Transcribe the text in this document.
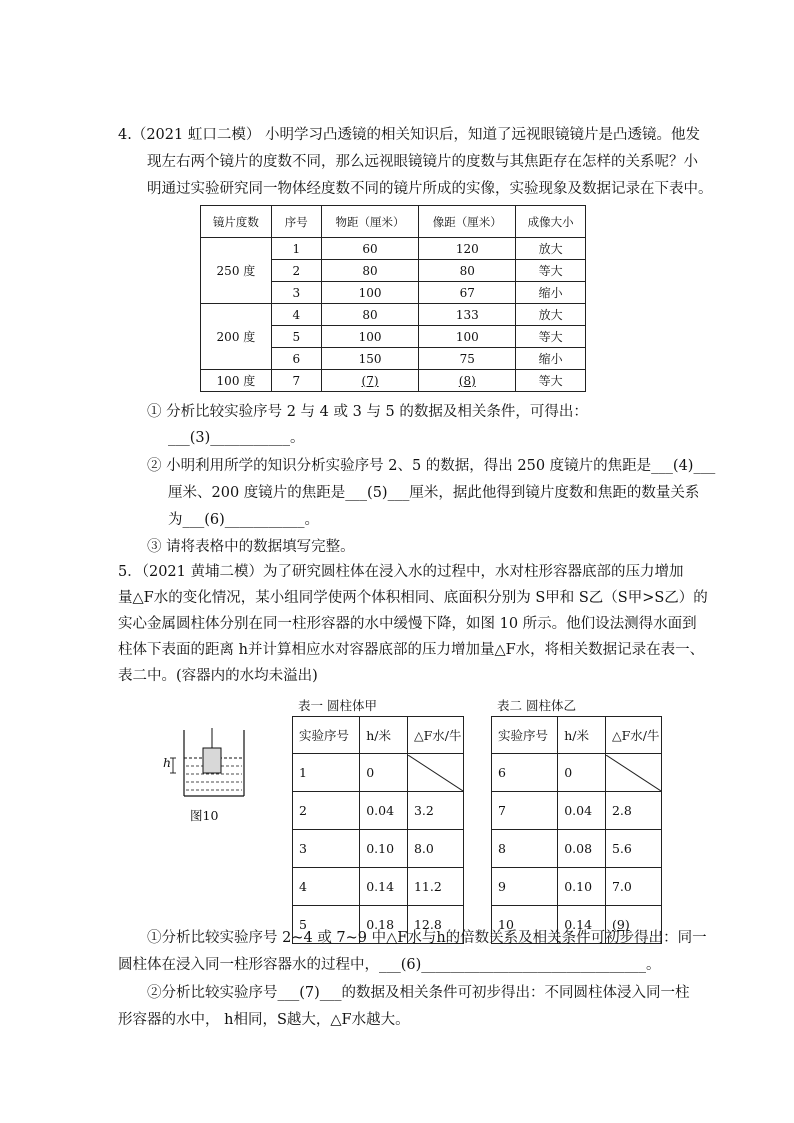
4.（2021 虹口二模） 小明学习凸透镜的相关知识后，知道了远视眼镜镜片是凸透镜。他发
现左右两个镜片的度数不同，那么远视眼镜镜片的度数与其焦距存在怎样的关系呢？小
明通过实验研究同一物体经度数不同的镜片所成的实像，实验现象及数据记录在下表中。
镜片度数	序号	物距（厘米）	像距（厘米）	成像大小
250 度	1	60	120	放大
	2	80	80	等大
	3	100	67	缩小
200 度	4	80	133	放大
	5	100	100	等大
	6	150	75	缩小
100 度	7	(7)	(8)	等大
① 分析比较实验序号 2 与 4 或 3 与 5 的数据及相关条件，可得出：
___(3)___________。
② 小明利用所学的知识分析实验序号 2、5 的数据，得出 250 度镜片的焦距是___(4)___
厘米、200 度镜片的焦距是___(5)___厘米，据此他得到镜片度数和焦距的数量关系
为___(6)___________。
③ 请将表格中的数据填写完整。
5．（2021 黄埔二模）为了研究圆柱体在浸入水的过程中，水对柱形容器底部的压力增加
量△F水的变化情况，某小组同学使两个体积相同、底面积分别为 S甲和 S乙（S甲>S乙）的
实心金属圆柱体分别在同一柱形容器的水中缓慢下降，如图 10 所示。他们设法测得水面到
柱体下表面的距离 h并计算相应水对容器底部的压力增加量△F水，将相关数据记录在表一、
表二中。(容器内的水均未溢出)
h
图10
表一 圆柱体甲
实验序号	h/米	△F水/牛
1	0	

2	0.04	3.2
3	0.10	8.0
4	0.14	11.2
5	0.18	12.8
表二 圆柱体乙
实验序号	h/米	△F水/牛
6	0	

7	0.04	2.8
8	0.08	5.6
9	0.10	7.0
10	0.14	(9)
①分析比较实验序号 2~4 或 7~9 中△F水与h的倍数关系及相关条件可初步得出：同一
圆柱体在浸入同一柱形容器水的过程中，___(6)_______________________________。
②分析比较实验序号___(7)___的数据及相关条件可初步得出：不同圆柱体浸入同一柱
形容器的水中， h相同，S越大，△F水越大。
